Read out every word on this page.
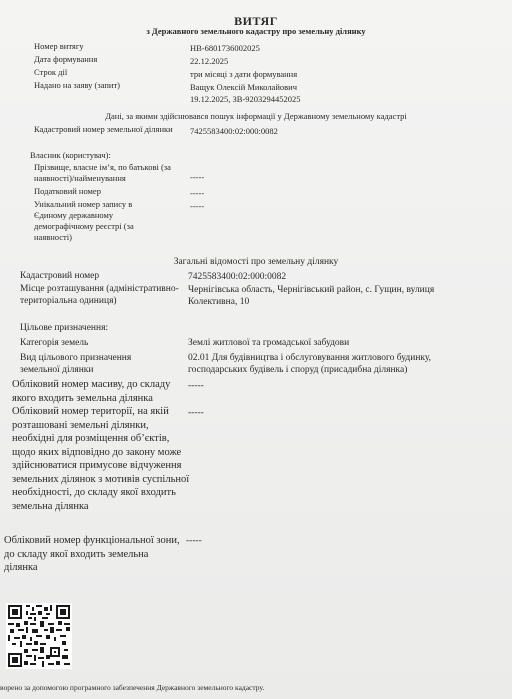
ВИТЯГ
з Державного земельного кадастру про земельну ділянку
Номер витягу	НВ-6801736002025
Дата формування	22.12.2025
Строк дії	три місяці з дати формування
Надано на заяву (запит)	Ващук Олексій Миколайович
19.12.2025, ЗВ-9203294452025
Дані, за якими здійснювався пошук інформації у Державному земельному кадастрі
Кадастровий номер земельної ділянки	7425583400:02:000:0082
Власник (користувач):
Прізвище, власне ім’я, по батькові (за наявності)/найменування	-----
Податковий номер	-----
Унікальний номер запису в Єдиному державному демографічному реєстрі (за наявності)
-----
Загальні відомості про земельну ділянку
Кадастровий номер	7425583400:02:000:0082
Місце розташування (адміністративно-територіальна одиниця)
Чернігівська область, Чернігівський район, с. Гущин, вулиця Колективна, 10
Цільове призначення:
Категорія земель	Землі житлової та громадської забудови
Вид цільового призначення земельної ділянки
02.01 Для будівництва і обслуговування житлового будинку, господарських будівель і споруд (присадибна ділянка)
Обліковий номер масиву, до складу якого входить земельна ділянка
-----
Обліковий номер території, на якій розташовані земельні ділянки, необхідні для розміщення об’єктів, щодо яких відповідно до закону може здійснюватися примусове відчуження земельних ділянок з мотивів суспільної необхідності, до складу якої входить земельна ділянка
-----
Обліковий номер функціональної зони, до складу якої входить земельна ділянка
-----
ворено за допомогою програмного забезпечення Державного земельного кадастру.
